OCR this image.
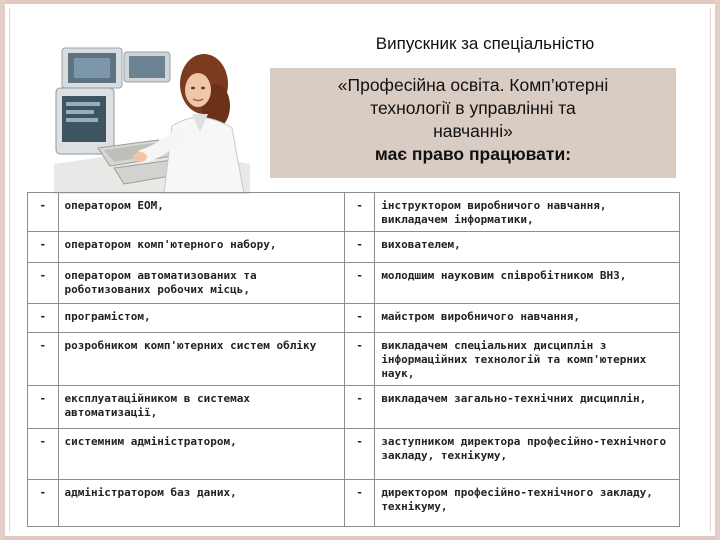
Випускник за спеціальністю
«Професійна освіта. Комп’ютерні
технології в управлінні та
навчанні»
має право працювати:
-	оператором ЕОМ,	-	інструктором виробничого навчання, викладачем інформатики,
-	оператором комп'ютерного набору,	-	вихователем,
-	оператором автоматизованих та роботизованих робочих місць,	-	молодшим науковим співробітником ВНЗ,
-	програмістом,	-	майстром виробничого навчання,
-	розробником комп'ютерних систем обліку	-	викладачем спеціальних дисциплін з інформаційних технологій та комп'ютерних наук,
-	експлуатаційником в системах автоматизації,	-	викладачем загально-технічних дисциплін,
-	системним адміністратором,	-	заступником директора професійно-технічного закладу, технікуму,
-	адміністратором баз даних,	-	директором професійно-технічного закладу, технікуму,
